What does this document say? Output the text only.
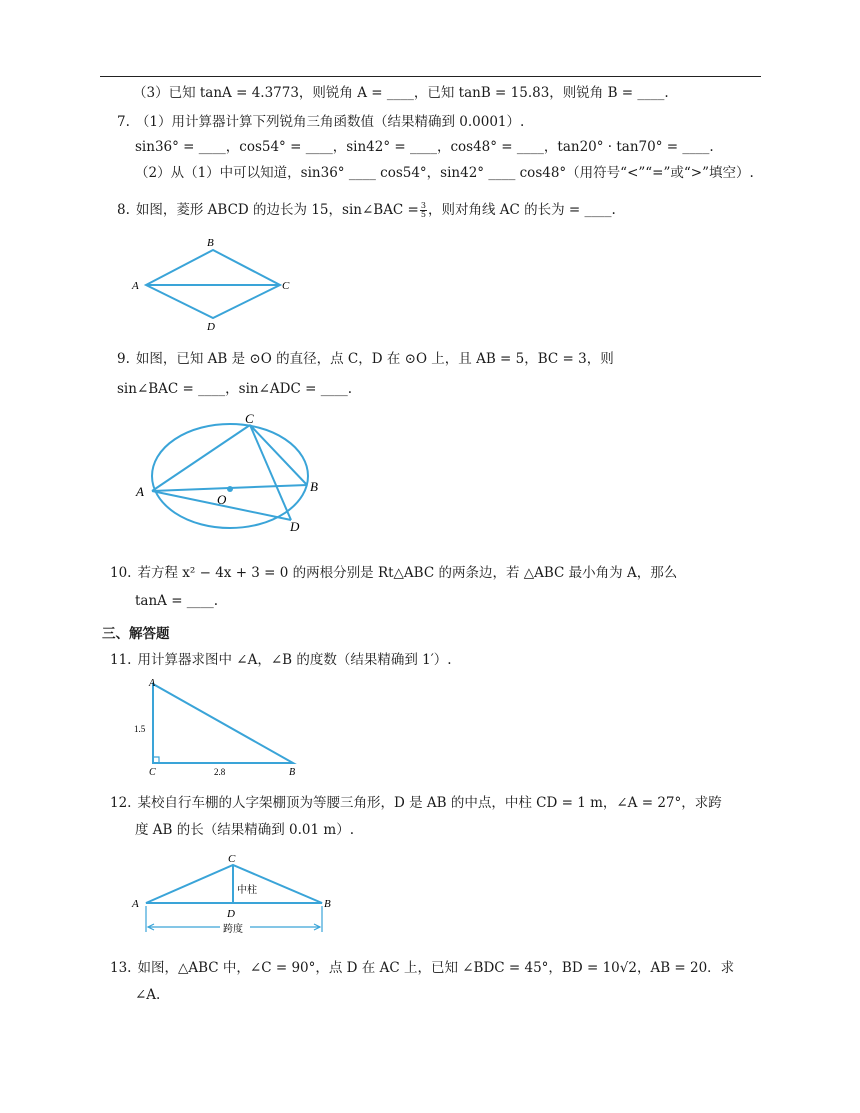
（3）已知 tanA = 4.3773，则锐角 A = ____，已知 tanB = 15.83，则锐角 B = ____.
7. （1）用计算器计算下列锐角三角函数值（结果精确到 0.0001）.
sin36° = ____，cos54° = ____，sin42° = ____，cos48° = ____，tan20° · tan70° = ____.
（2）从（1）中可以知道，sin36° ____ cos54°，sin42° ____ cos48°（用符号“<”“=”或“>”填空）.
8. 如图，菱形 ABCD 的边长为 15，sin∠BAC = $\frac{3}{5}$ ，则对角线 AC 的长为 = ____.
B
A	C
D
9. 如图，已知 AB 是 ⊙O 的直径，点 C，D 在 ⊙O 上，且 AB = 5，BC = 3，则
sin∠BAC = ____，sin∠ADC = ____.
C
A
O
B
D
10. 若方程 x² − 4x + 3 = 0 的两根分别是 Rt△ABC 的两条边，若 △ABC 最小角为 A，那么
tanA = ____.
三、解答题
11. 用计算器求图中 ∠A，∠B 的度数（结果精确到 1′）.
A
1.5
C	2.8	B
12. 某校自行车棚的人字架棚顶为等腰三角形，D 是 AB 的中点，中柱 CD = 1 m，∠A = 27°，求跨
度 AB 的长（结果精确到 0.01 m）.
C
中柱
A
D
B
跨度
13. 如图，△ABC 中，∠C = 90°，点 D 在 AC 上，已知 ∠BDC = 45°，BD = 10√2，AB = 20．求
∠A.
